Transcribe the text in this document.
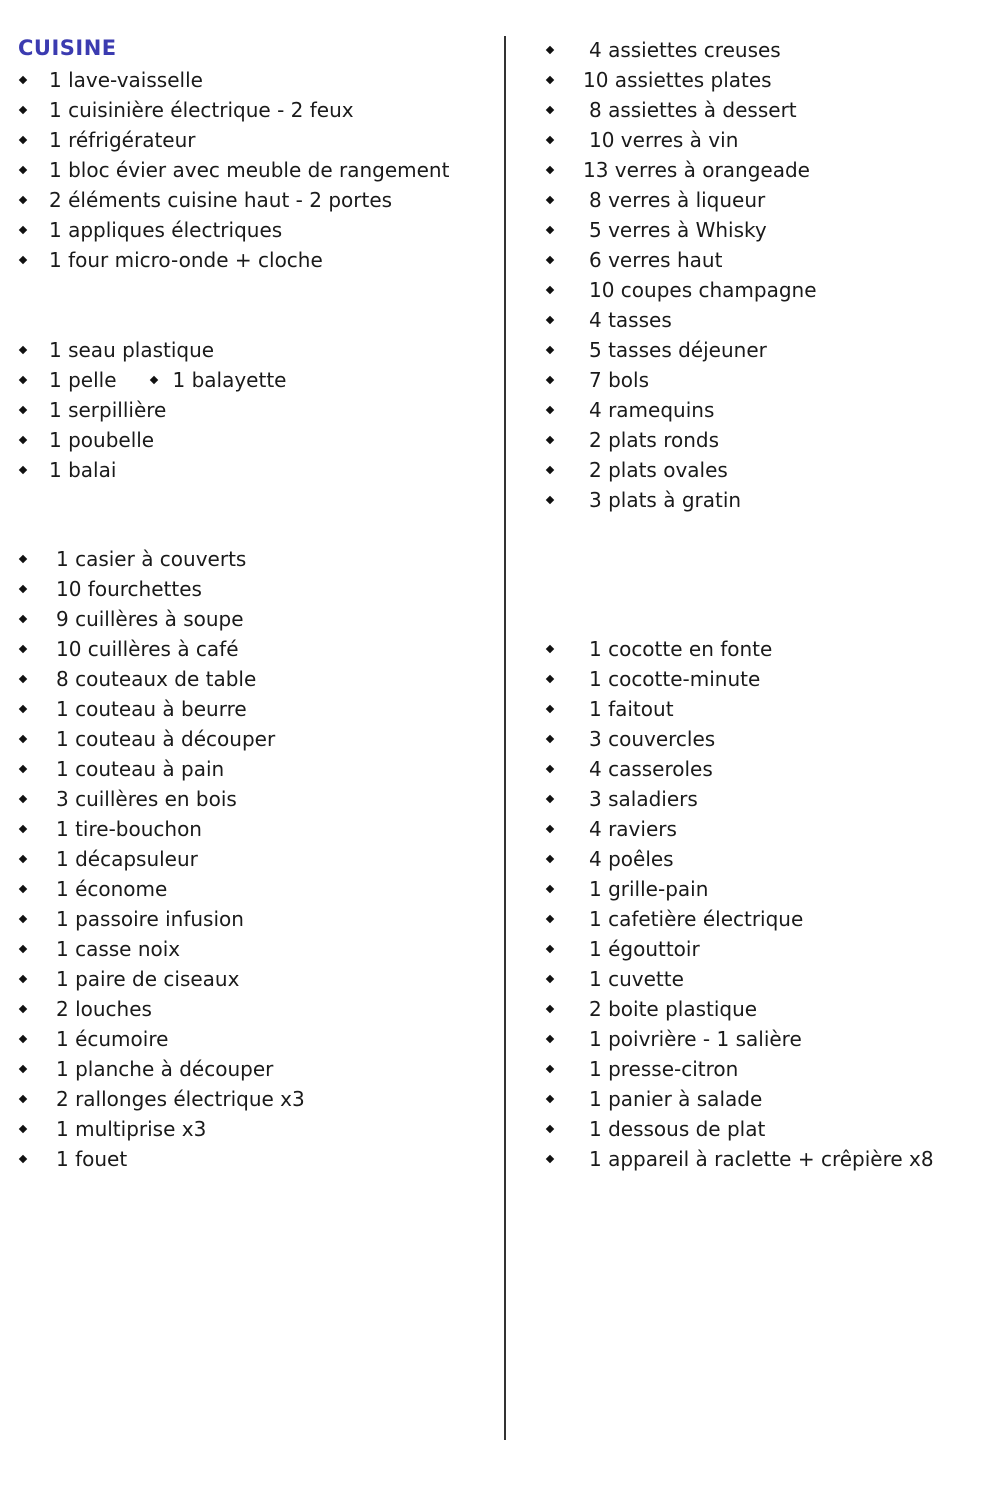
CUISINE
1 lave-vaisselle
1 cuisinière électrique - 2 feux
1 réfrigérateur
1 bloc évier avec meuble de rangement
2 éléments cuisine haut - 2 portes
1 appliques électriques
1 four micro-onde + cloche
1 seau plastique
1 pelle	1 balayette
1 serpillière
1 poubelle
1 balai
1 casier à couverts
10 fourchettes
9 cuillères à soupe
10 cuillères à café
8 couteaux de table
1 couteau à beurre
1 couteau à découper
1 couteau à pain
3 cuillères en bois
1 tire-bouchon
1 décapsuleur
1 économe
1 passoire infusion
1 casse noix
1 paire de ciseaux
2 louches
1 écumoire
1 planche à découper
2 rallonges électrique x3
1 multiprise x3
1 fouet
4 assiettes creuses
10 assiettes plates
8 assiettes à dessert
10 verres à vin
13 verres à orangeade
8 verres à liqueur
5 verres à Whisky
6 verres haut
10 coupes champagne
4 tasses
5 tasses déjeuner
7 bols
4 ramequins
2 plats ronds
2 plats ovales
3 plats à gratin
1 cocotte en fonte
1 cocotte-minute
1 faitout
3 couvercles
4 casseroles
3 saladiers
4 raviers
4 poêles
1 grille-pain
1 cafetière électrique
1 égouttoir
1 cuvette
2 boite plastique
1 poivrière - 1 salière
1 presse-citron
1 panier à salade
1 dessous de plat
1 appareil à raclette + crêpière x8
